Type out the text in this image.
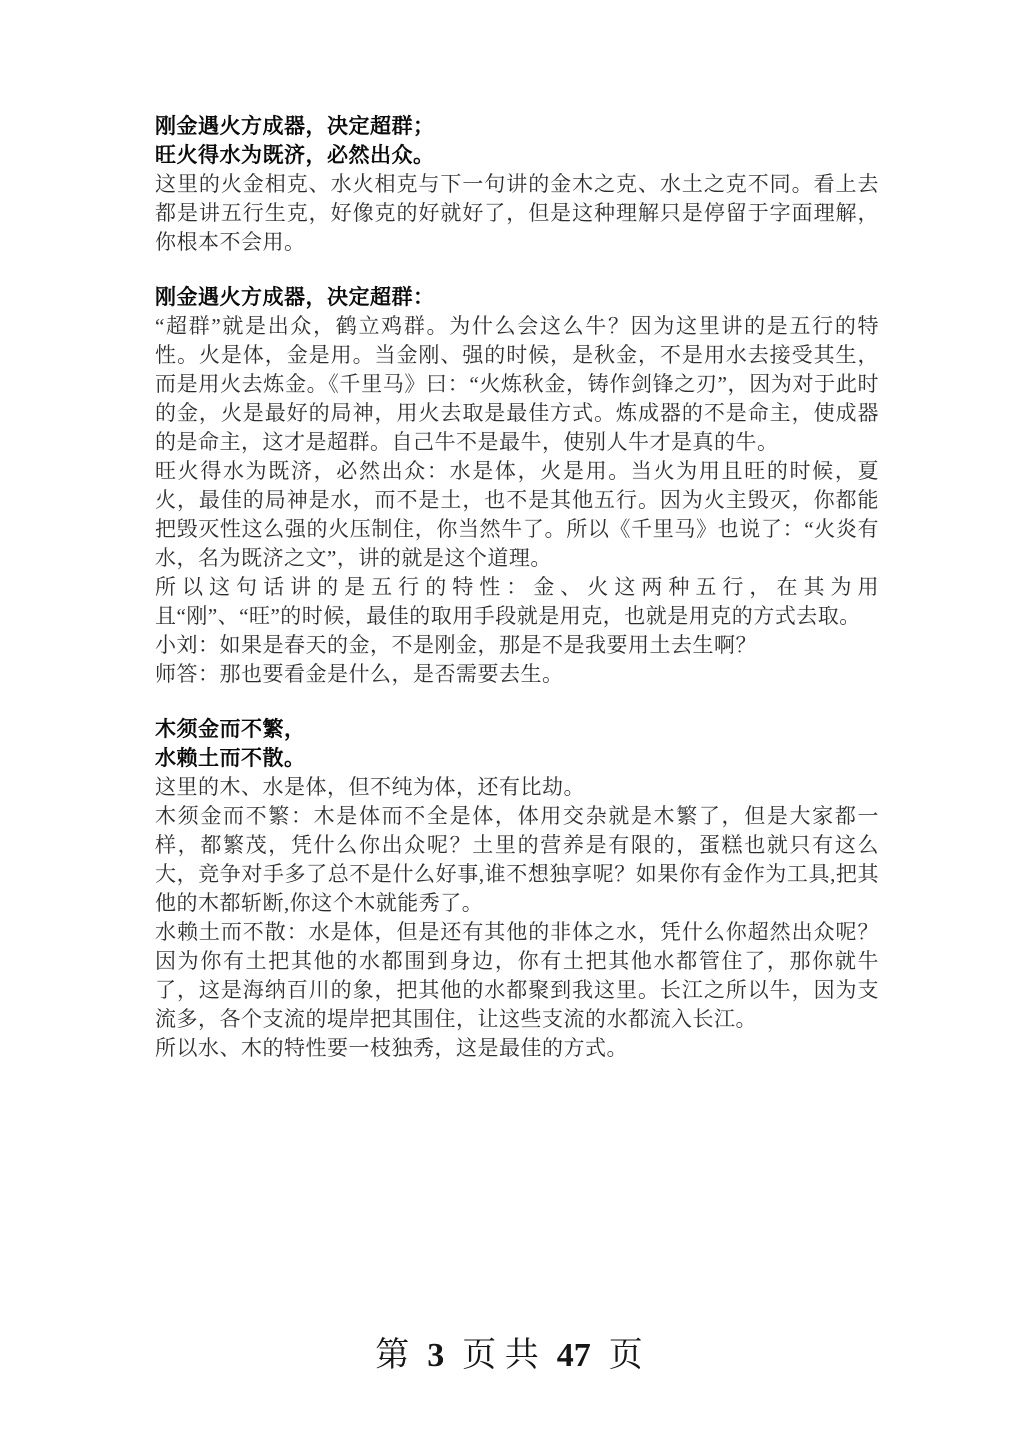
刚金遇火方成器，决定超群；
旺火得水为既济，必然出众。

这里的火金相克、水火相克与下一句讲的金木之克、水土之克不同。看上去都是讲五行生克，好像克的好就好了，但是这种理解只是停留于字面理解，你根本不会用。

刚金遇火方成器，决定超群：

“超群”就是出众，鹤立鸡群。为什么会这么牛？因为这里讲的是五行的特性。火是体，金是用。当金刚、强的时候，是秋金，不是用水去接受其生，而是用火去炼金。《千里马》曰：“火炼秋金，铸作剑锋之刃”，因为对于此时的金，火是最好的局神，用火去取是最佳方式。炼成器的不是命主，使成器的是命主，这才是超群。自己牛不是最牛，使别人牛才是真的牛。

旺火得水为既济，必然出众：水是体，火是用。当火为用且旺的时候，夏火，最佳的局神是水，而不是土，也不是其他五行。因为火主毁灭，你都能把毁灭性这么强的火压制住，你当然牛了。所以《千里马》也说了：“火炎有水，名为既济之文”，讲的就是这个道理。

所以这句话讲的是五行的特性：金、火这两种五行，在其为用且“刚”、“旺”的时候，最佳的取用手段就是用克，也就是用克的方式去取。

小刘：如果是春天的金，不是刚金，那是不是我要用土去生啊？

师答：那也要看金是什么，是否需要去生。

木须金而不繁，
水赖土而不散。

这里的木、水是体，但不纯为体，还有比劫。

木须金而不繁：木是体而不全是体，体用交杂就是木繁了，但是大家都一样，都繁茂，凭什么你出众呢？土里的营养是有限的，蛋糕也就只有这么大，竞争对手多了总不是什么好事,谁不想独享呢？如果你有金作为工具,把其他的木都斩断,你这个木就能秀了。

水赖土而不散：水是体，但是还有其他的非体之水，凭什么你超然出众呢？因为你有土把其他的水都围到身边，你有土把其他水都管住了，那你就牛了，这是海纳百川的象，把其他的水都聚到我这里。长江之所以牛，因为支流多，各个支流的堤岸把其围住，让这些支流的水都流入长江。

所以水、木的特性要一枝独秀，这是最佳的方式。

第 3 页 共 47 页
